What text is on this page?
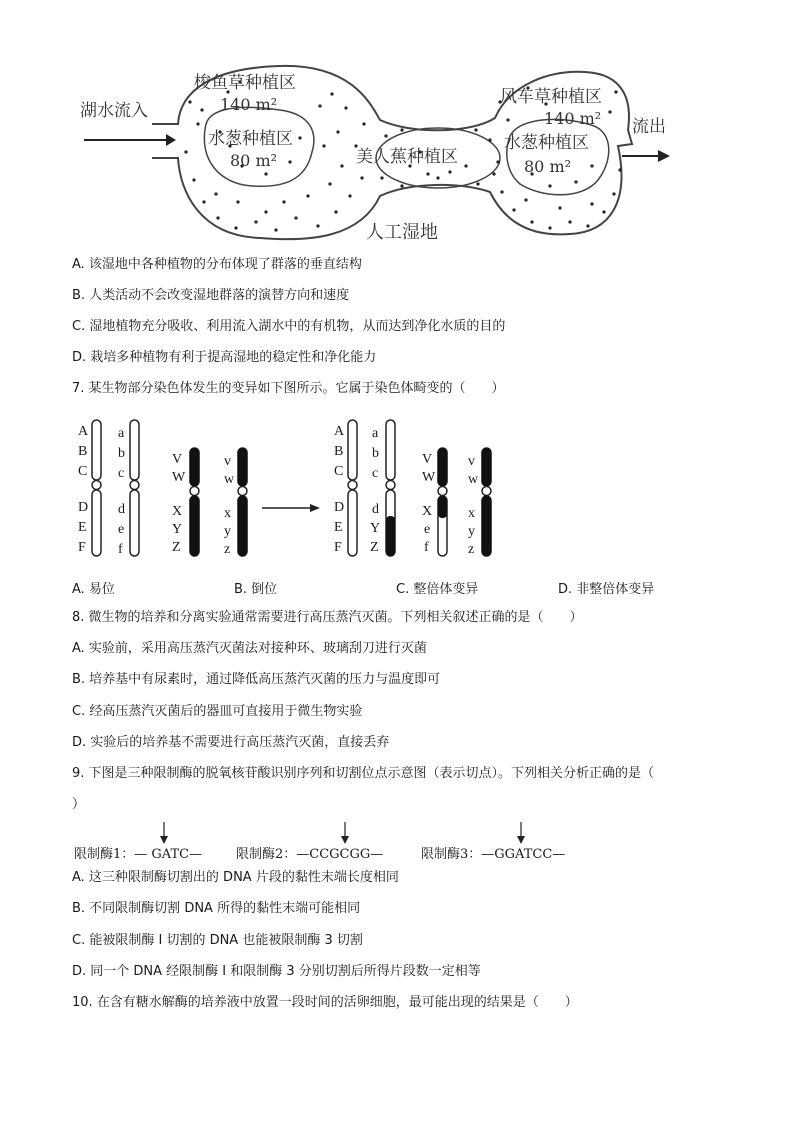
湖水流入
流出
梭鱼草种植区
140 m²
水葱种植区
80 m²	美人蕉种植区
风车草种植区
140 m²
水葱种植区
80 m²
人工湿地
A. 该湿地中各种植物的分布体现了群落的垂直结构
B. 人类活动不会改变湿地群落的演替方向和速度
C. 湿地植物充分吸收、利用流入湖水中的有机物，从而达到净化水质的目的
D. 栽培多种植物有利于提高湿地的稳定性和净化能力
7. 某生物部分染色体发生的变异如下图所示。它属于染色体畸变的（　　）
A
B
C
D
E
F
a
b
c
d
e
f
V
W
X
Y
Z
v
w
x
y
z
A
B
C
D
E
F
a
b
c
d
Y
Z
V
W
X
e
f
v
w
x
y
z
A. 易位	B. 倒位	C. 整倍体变异	D. 非整倍体变异
8. 微生物的培养和分离实验通常需要进行高压蒸汽灭菌。下列相关叙述正确的是（　　）
A. 实验前，采用高压蒸汽灭菌法对接种环、玻璃刮刀进行灭菌
B. 培养基中有尿素时，通过降低高压蒸汽灭菌的压力与温度即可
C. 经高压蒸汽灭菌后的器皿可直接用于微生物实验
D. 实验后的培养基不需要进行高压蒸汽灭菌，直接丢弃
9. 下图是三种限制酶的脱氧核苷酸识别序列和切割位点示意图（表示切点）。下列相关分析正确的是（
）
限制酶1：— GATC—	限制酶2：—CCGCGG—	限制酶3：—GGATCC—
A. 这三种限制酶切割出的 DNA 片段的黏性末端长度相同
B. 不同限制酶切割 DNA 所得的黏性末端可能相同
C. 能被限制酶 I 切割的 DNA 也能被限制酶 3 切割
D. 同一个 DNA 经限制酶 I 和限制酶 3 分别切割后所得片段数一定相等
10. 在含有糖水解酶的培养液中放置一段时间的活卵细胞，最可能出现的结果是（　　）
